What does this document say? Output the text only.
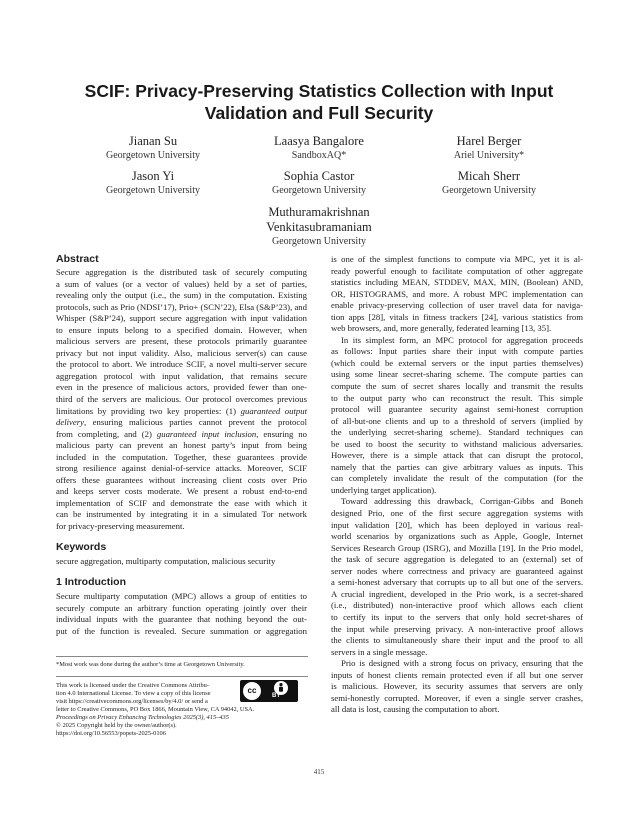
SCIF: Privacy-Preserving Statistics Collection with Input
Validation and Full Security
Jianan Su
Georgetown University
Laasya Bangalore
SandboxAQ*
Harel Berger
Ariel University*
Jason Yi
Georgetown University
Sophia Castor
Georgetown University
Micah Sherr
Georgetown University
Muthuramakrishnan
Venkitasubramaniam
Georgetown University
Abstract
Secure aggregation is the distributed task of securely computing
a sum of values (or a vector of values) held by a set of parties,
revealing only the output (i.e., the sum) in the computation. Existing
protocols, such as Prio (NDSI’17), Prio+ (SCN’22), Elsa (S&P’23), and
Whisper (S&P’24), support secure aggregation with input validation
to ensure inputs belong to a specified domain. However, when
malicious servers are present, these protocols primarily guarantee
privacy but not input validity. Also, malicious server(s) can cause
the protocol to abort. We introduce SCIF, a novel multi-server secure
aggregation protocol with input validation, that remains secure
even in the presence of malicious actors, provided fewer than one-
third of the servers are malicious. Our protocol overcomes previous
limitations by providing two key properties: (1) guaranteed output
delivery, ensuring malicious parties cannot prevent the protocol
from completing, and (2) guaranteed input inclusion, ensuring no
malicious party can prevent an honest party’s input from being
included in the computation. Together, these guarantees provide
strong resilience against denial-of-service attacks. Moreover, SCIF
offers these guarantees without increasing client costs over Prio
and keeps server costs moderate. We present a robust end-to-end
implementation of SCIF and demonstrate the ease with which it
can be instrumented by integrating it in a simulated Tor network
for privacy-preserving measurement.
Keywords
secure aggregation, multiparty computation, malicious security
1 Introduction
Secure multiparty computation (MPC) allows a group of entities to
securely compute an arbitrary function operating jointly over their
individual inputs with the guarantee that nothing beyond the out-
put of the function is revealed. Secure summation or aggregation
*Most work was done during the author’s time at Georgetown University.
This work is licensed under the Creative Commons Attribu-
tion 4.0 International License. To view a copy of this license
visit https://creativecommons.org/licenses/by/4.0/ or send a
letter to Creative Commons, PO Box 1866, Mountain View, CA 94042, USA.
Proceedings on Privacy Enhancing Technologies 2025(3), 415–435
© 2025 Copyright held by the owner/author(s).
https://doi.org/10.56553/popets-2025-0106
cc
BY
is one of the simplest functions to compute via MPC, yet it is al-
ready powerful enough to facilitate computation of other aggregate
statistics including MEAN, STDDEV, MAX, MIN, (Boolean) AND,
OR, HISTOGRAMS, and more. A robust MPC implementation can
enable privacy-preserving collection of user travel data for naviga-
tion apps [28], vitals in fitness trackers [24], various statistics from
web browsers, and, more generally, federated learning [13, 35].
In its simplest form, an MPC protocol for aggregation proceeds
as follows: Input parties share their input with compute parties
(which could be external servers or the input parties themselves)
using some linear secret-sharing scheme. The compute parties can
compute the sum of secret shares locally and transmit the results
to the output party who can reconstruct the result. This simple
protocol will guarantee security against semi-honest corruption
of all-but-one clients and up to a threshold of servers (implied by
the underlying secret-sharing scheme). Standard techniques can
be used to boost the security to withstand malicious adversaries.
However, there is a simple attack that can disrupt the protocol,
namely that the parties can give arbitrary values as inputs. This
can completely invalidate the result of the computation (for the
underlying target application).
Toward addressing this drawback, Corrigan-Gibbs and Boneh
designed Prio, one of the first secure aggregation systems with
input validation [20], which has been deployed in various real-
world scenarios by organizations such as Apple, Google, Internet
Services Research Group (ISRG), and Mozilla [19]. In the Prio model,
the task of secure aggregation is delegated to an (external) set of
server nodes where correctness and privacy are guaranteed against
a semi-honest adversary that corrupts up to all but one of the servers.
A crucial ingredient, developed in the Prio work, is a secret-shared
(i.e., distributed) non-interactive proof which allows each client
to certify its input to the servers that only hold secret-shares of
the input while preserving privacy. A non-interactive proof allows
the clients to simultaneously share their input and the proof to all
servers in a single message.
Prio is designed with a strong focus on privacy, ensuring that the
inputs of honest clients remain protected even if all but one server
is malicious. However, its security assumes that servers are only
semi-honestly corrupted. Moreover, if even a single server crashes,
all data is lost, causing the computation to abort.
415
